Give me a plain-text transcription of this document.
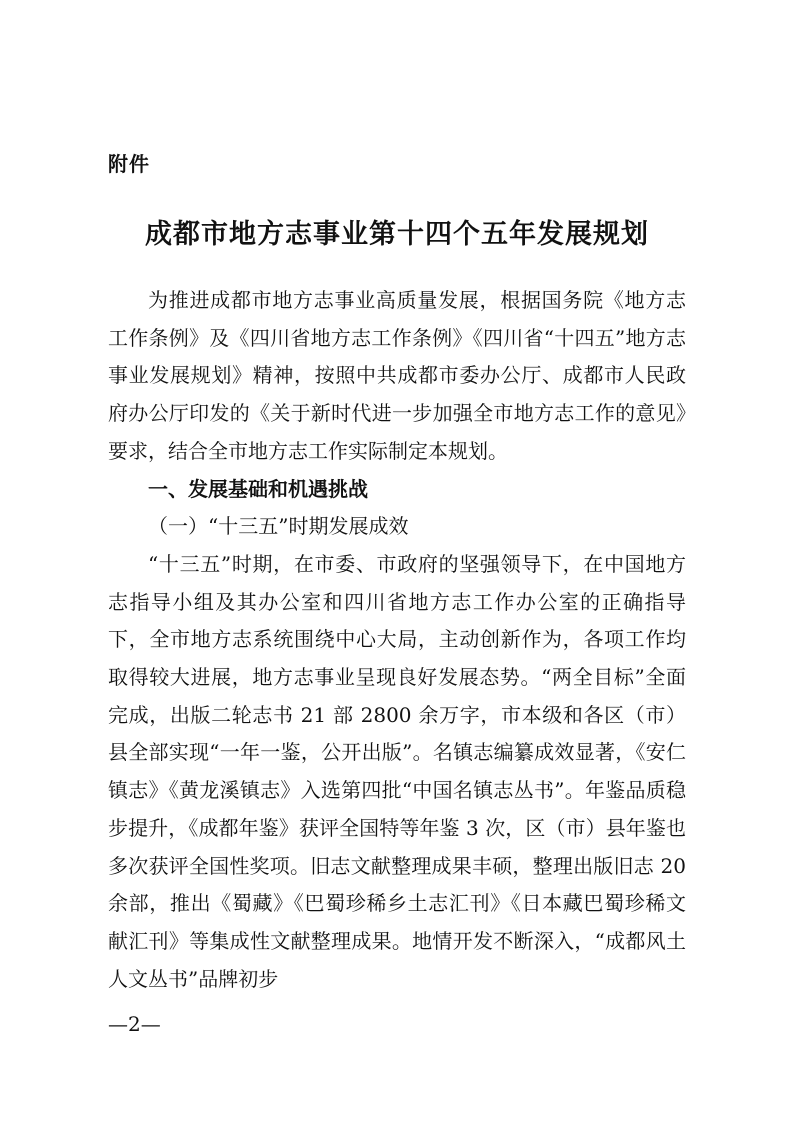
附件
成都市地方志事业第十四个五年发展规划

为推进成都市地方志事业高质量发展，根据国务院《地方志工作条例》及《四川省地方志工作条例》《四川省“十四五”地方志事业发展规划》精神，按照中共成都市委办公厅、成都市人民政府办公厅印发的《关于新时代进一步加强全市地方志工作的意见》要求，结合全市地方志工作实际制定本规划。

一、发展基础和机遇挑战

（一）“十三五”时期发展成效

“十三五”时期，在市委、市政府的坚强领导下，在中国地方志指导小组及其办公室和四川省地方志工作办公室的正确指导下，全市地方志系统围绕中心大局，主动创新作为，各项工作均取得较大进展，地方志事业呈现良好发展态势。“两全目标”全面完成，出版二轮志书 21 部 2800 余万字，市本级和各区（市）县全部实现“一年一鉴，公开出版”。名镇志编纂成效显著，《安仁镇志》《黄龙溪镇志》入选第四批“中国名镇志丛书”。年鉴品质稳步提升，《成都年鉴》获评全国特等年鉴 3 次，区（市）县年鉴也多次获评全国性奖项。旧志文献整理成果丰硕，整理出版旧志 20 余部，推出《蜀藏》《巴蜀珍稀乡土志汇刊》《日本藏巴蜀珍稀文献汇刊》等集成性文献整理成果。地情开发不断深入，“成都风土人文丛书”品牌初步

—2—
